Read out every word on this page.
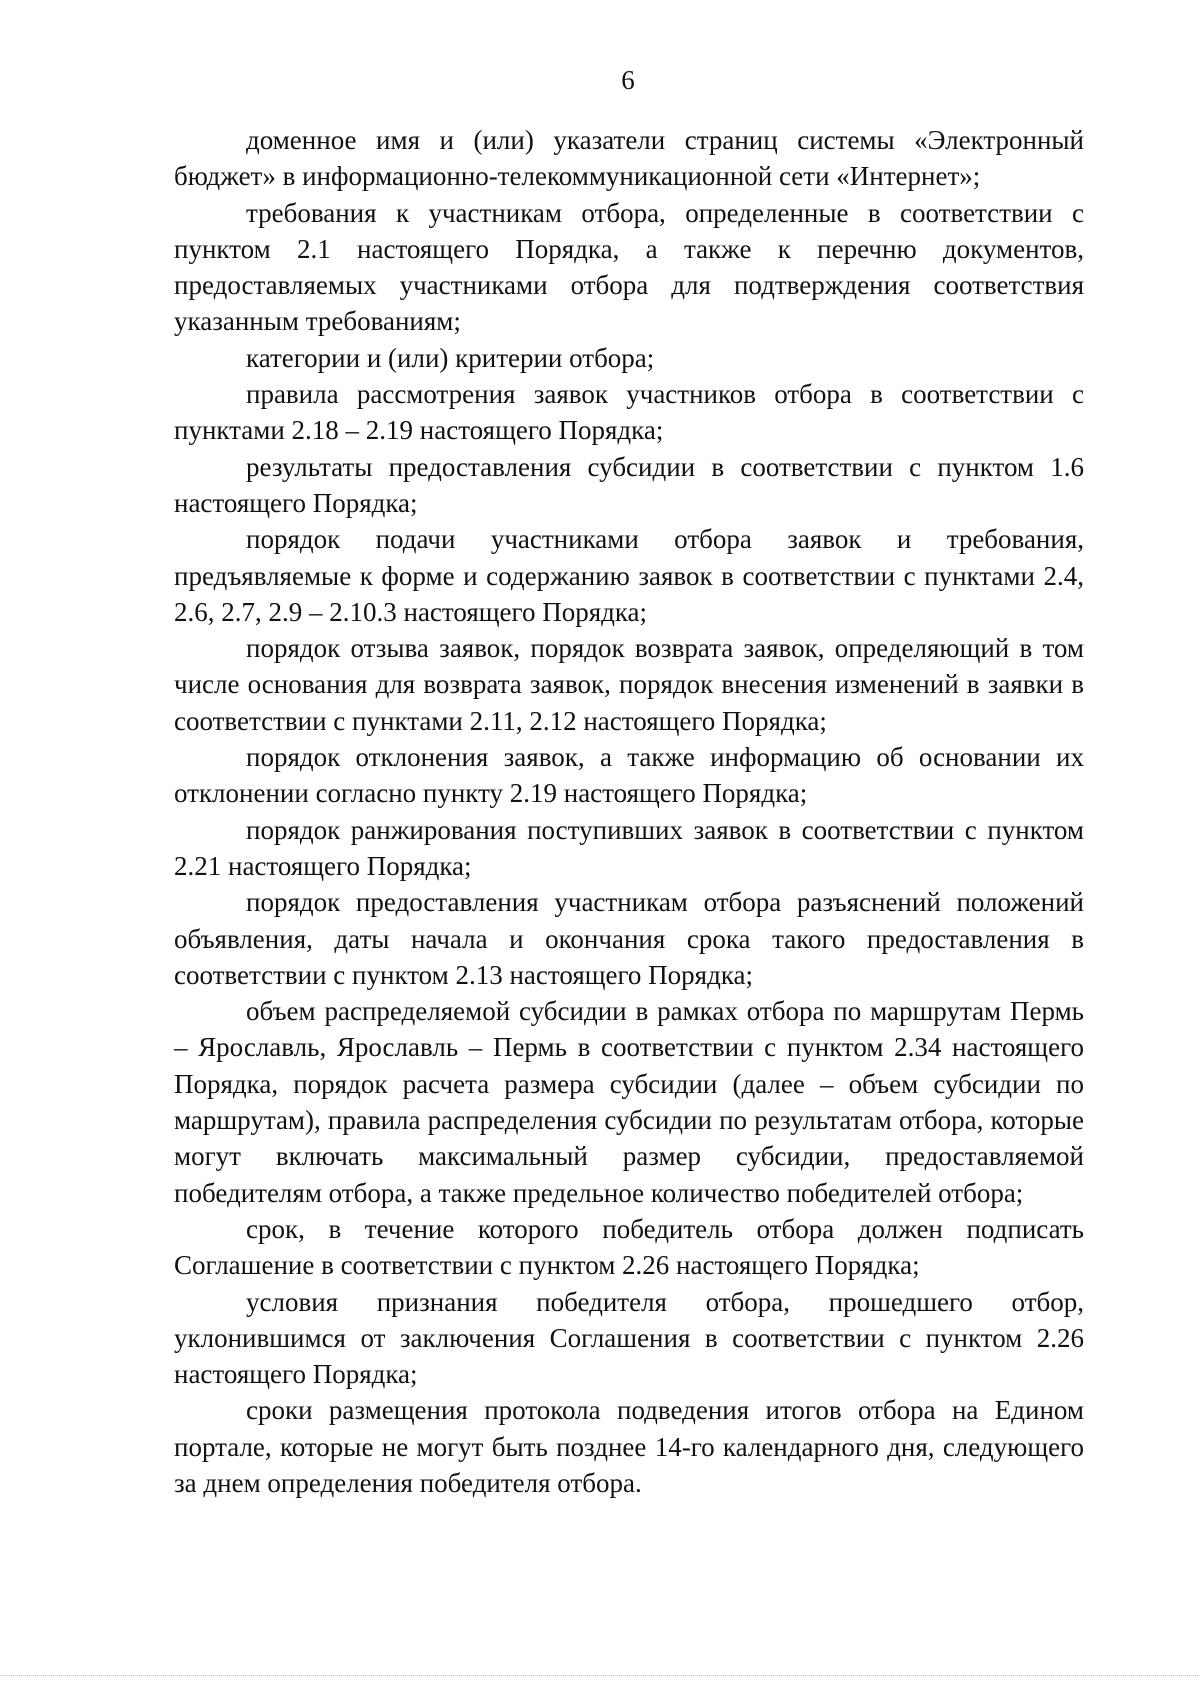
6

доменное имя и (или) указатели страниц системы «Электронный бюджет» в информационно-телекоммуникационной сети «Интернет»;

требования к участникам отбора, определенные в соответствии с пунктом 2.1 настоящего Порядка, а также к перечню документов, предоставляемых участниками отбора для подтверждения соответствия указанным требованиям;

категории и (или) критерии отбора;

правила рассмотрения заявок участников отбора в соответствии с пунктами 2.18 – 2.19 настоящего Порядка;

результаты предоставления субсидии в соответствии с пунктом 1.6 настоящего Порядка;

порядок подачи участниками отбора заявок и требования, предъявляемые к форме и содержанию заявок в соответствии с пунктами 2.4, 2.6, 2.7, 2.9 – 2.10.3 настоящего Порядка;

порядок отзыва заявок, порядок возврата заявок, определяющий в том числе основания для возврата заявок, порядок внесения изменений в заявки в соответствии с пунктами 2.11, 2.12 настоящего Порядка;

порядок отклонения заявок, а также информацию об основании их отклонении согласно пункту 2.19 настоящего Порядка;

порядок ранжирования поступивших заявок в соответствии с пунктом 2.21 настоящего Порядка;

порядок предоставления участникам отбора разъяснений положений объявления, даты начала и окончания срока такого предоставления в соответствии с пунктом 2.13 настоящего Порядка;

объем распределяемой субсидии в рамках отбора по маршрутам Пермь – Ярославль, Ярославль – Пермь в соответствии с пунктом 2.34 настоящего Порядка, порядок расчета размера субсидии (далее – объем субсидии по маршрутам), правила распределения субсидии по результатам отбора, которые могут включать максимальный размер субсидии, предоставляемой победителям отбора, а также предельное количество победителей отбора;

срок, в течение которого победитель отбора должен подписать Соглашение в соответствии с пунктом 2.26 настоящего Порядка;

условия признания победителя отбора, прошедшего отбор, уклонившимся от заключения Соглашения в соответствии с пунктом 2.26 настоящего Порядка;

сроки размещения протокола подведения итогов отбора на Едином портале, которые не могут быть позднее 14-го календарного дня, следующего за днем определения победителя отбора.
